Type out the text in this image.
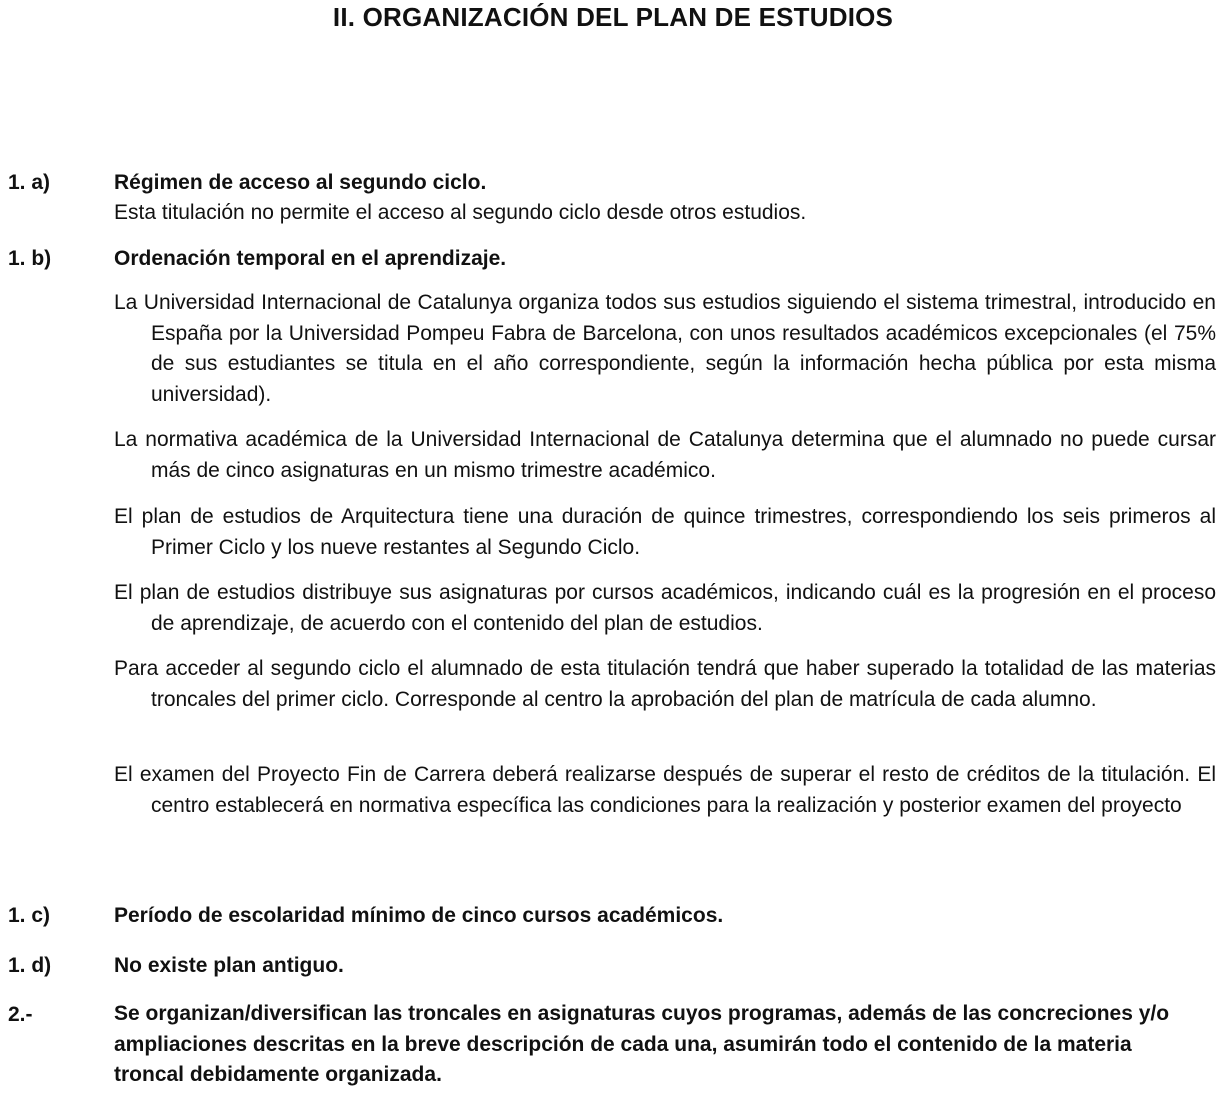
II. ORGANIZACIÓN DEL PLAN DE ESTUDIOS
1. a)	Régimen de acceso al segundo ciclo.
Esta titulación no permite el acceso al segundo ciclo desde otros estudios.
1. b)	Ordenación temporal en el aprendizaje.
La Universidad Internacional de Catalunya organiza todos sus estudios siguiendo el sistema trimestral, introducido en España por la Universidad Pompeu Fabra de Barcelona, con unos resultados académicos excepcionales (el 75% de sus estudiantes se titula en el año correspondiente, según la información hecha pública por esta misma universidad).
La normativa académica de la Universidad Internacional de Catalunya determina que el alumnado no puede cursar más de cinco asignaturas en un mismo trimestre académico.
El plan de estudios de Arquitectura tiene una duración de quince trimestres, correspondiendo los seis primeros al Primer Ciclo y los nueve restantes al Segundo Ciclo.
El plan de estudios distribuye sus asignaturas por cursos académicos, indicando cuál es la progresión en el proceso de aprendizaje, de acuerdo con el contenido del plan de estudios.
Para acceder al segundo ciclo el alumnado de esta titulación tendrá que haber superado la totalidad de las materias troncales del primer ciclo. Corresponde al centro la aprobación del plan de matrícula de cada alumno.
El examen del Proyecto Fin de Carrera deberá realizarse después de superar el resto de créditos de la titulación. El centro establecerá en normativa específica las condiciones para la realización y posterior examen del proyecto
1. c)	Período de escolaridad mínimo de cinco cursos académicos.
1. d)	No existe plan antiguo.
2.-	Se organizan/diversifican las troncales en asignaturas cuyos programas, además de las concreciones y/o ampliaciones descritas en la breve descripción de cada una, asumirán todo el contenido de la materia troncal debidamente organizada.
